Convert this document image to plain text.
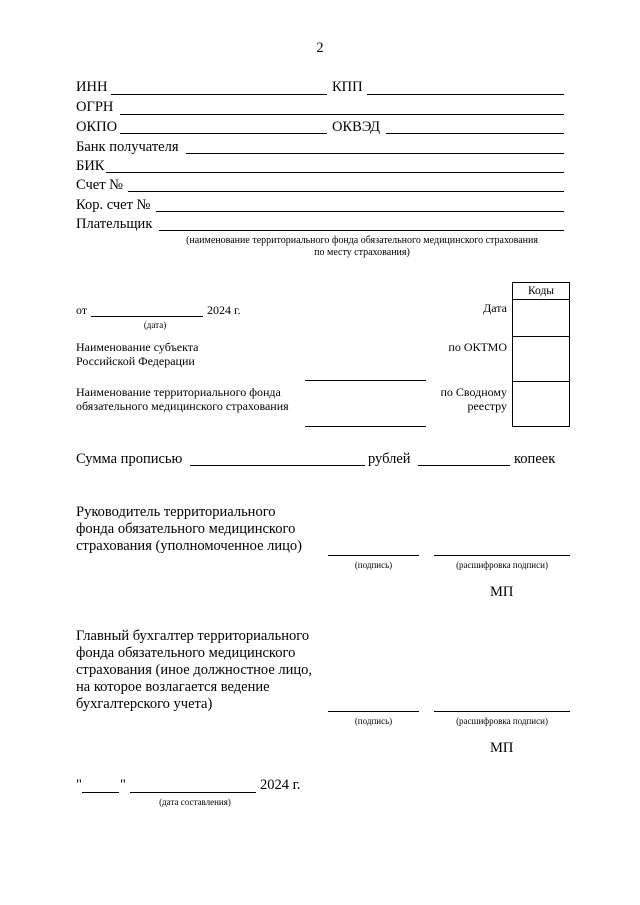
2
ИНН	КПП
ОГРН
ОКПО	ОКВЭД
Банк получателя
БИК
Счет №
Кор. счет №
Плательщик
(наименование территориального фонда обязательного медицинского страхования
по месту страхования)
Коды
от	2024 г.
(дата)
Дата
Наименование субъекта
Российской Федерации
по ОКТМО
Наименование территориального фонда
обязательного медицинского страхования
по Сводному
реестру
Сумма прописью	рублей	копеек
Руководитель территориального
фонда обязательного медицинского
страхования (уполномоченное лицо)
(подпись)	(расшифровка подписи)
МП
Главный бухгалтер территориального
фонда обязательного медицинского
страхования (иное должностное лицо,
на которое возлагается ведение
бухгалтерского учета)
(подпись)	(расшифровка подписи)
МП
"	"	2024 г.
(дата составления)
